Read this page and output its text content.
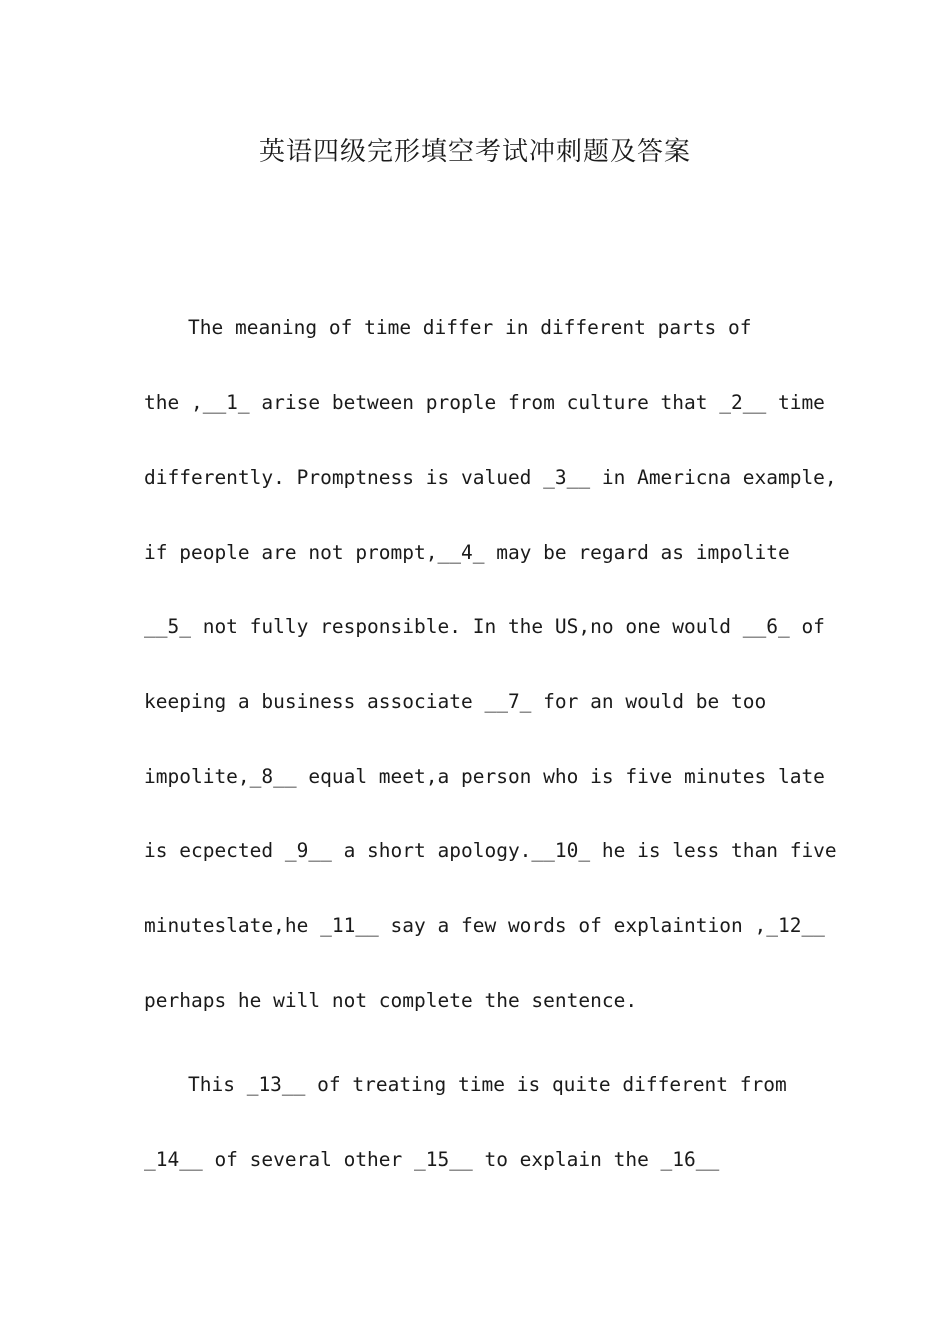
英语四级完形填空考试冲刺题及答案

The meaning of time differ in different parts of

the ,__1_ arise between prople from culture that _2__ time

differently. Promptness is valued _3__ in Americna example,

if people are not prompt,__4_ may be regard as impolite

__5_ not fully responsible. In the US,no one would __6_ of

keeping a business associate __7_ for an would be too

impolite,_8__ equal meet,a person who is five minutes late

is ecpected _9__ a short apology.__10_ he is less than five

minuteslate,he _11__ say a few words of explaintion ,_12__

perhaps he will not complete the sentence.

This _13__ of treating time is quite different from

_14__ of several other _15__ to explain the _16__
